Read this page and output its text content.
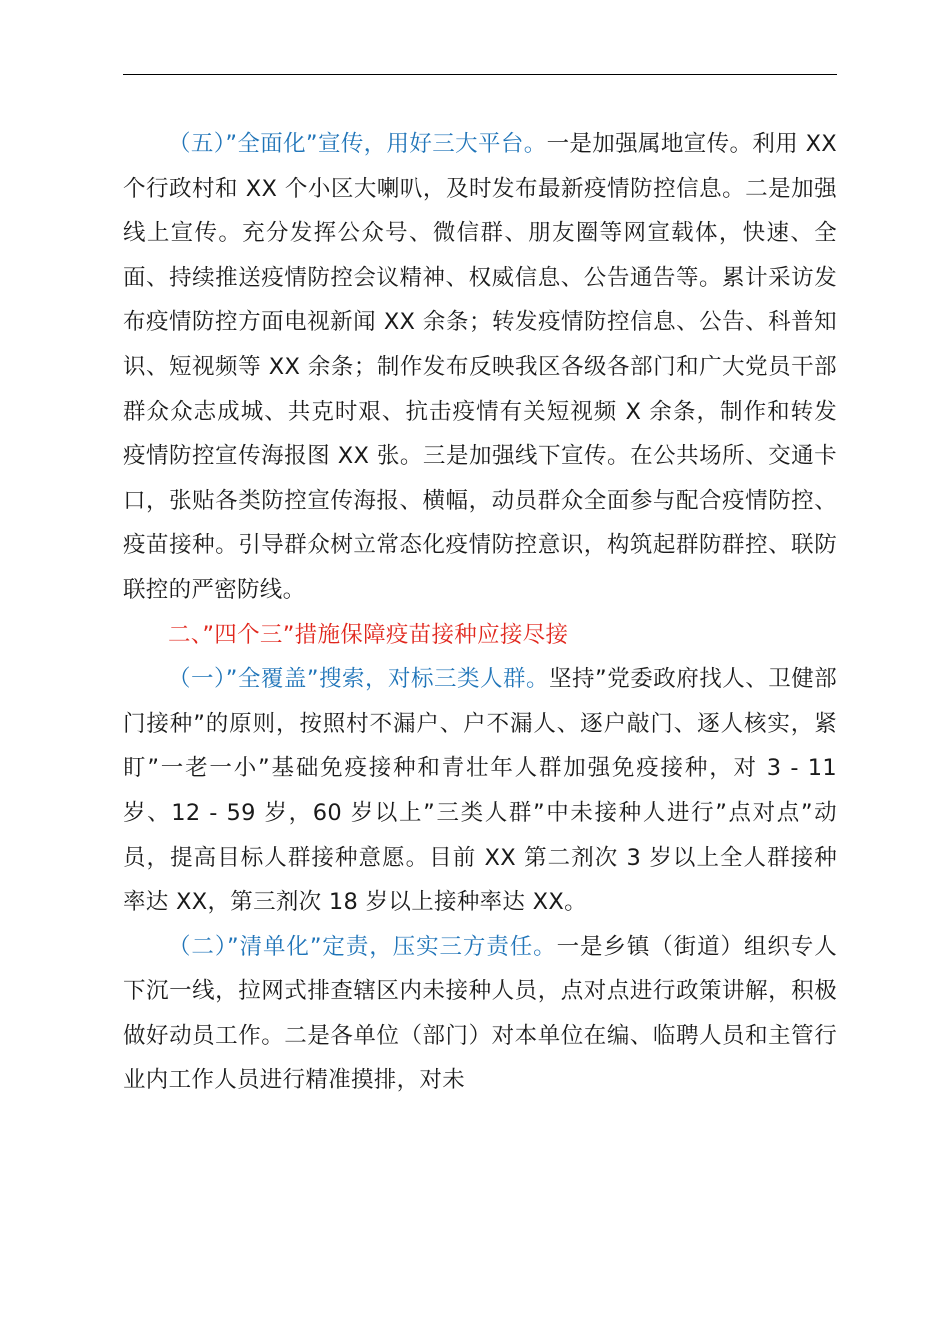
（五）”全面化”宣传，用好三大平台。一是加强属地宣传。利用 XX 个行政村和 XX 个小区大喇叭，及时发布最新疫情防控信息。二是加强线上宣传。充分发挥公众号、微信群、朋友圈等网宣载体，快速、全面、持续推送疫情防控会议精神、权威信息、公告通告等。累计采访发布疫情防控方面电视新闻 XX 余条；转发疫情防控信息、公告、科普知识、短视频等 XX 余条；制作发布反映我区各级各部门和广大党员干部群众众志成城、共克时艰、抗击疫情有关短视频 X 余条，制作和转发疫情防控宣传海报图 XX 张。三是加强线下宣传。在公共场所、交通卡口，张贴各类防控宣传海报、横幅，动员群众全面参与配合疫情防控、疫苗接种。引导群众树立常态化疫情防控意识，构筑起群防群控、联防联控的严密防线。

二、”四个三”措施保障疫苗接种应接尽接

（一）”全覆盖”搜索，对标三类人群。坚持”党委政府找人、卫健部门接种”的原则，按照村不漏户、户不漏人、逐户敲门、逐人核实，紧盯”一老一小”基础免疫接种和青壮年人群加强免疫接种，对 3 - 11 岁、12 - 59 岁，60 岁以上”三类人群”中未接种人进行”点对点”动员，提高目标人群接种意愿。目前 XX 第二剂次 3 岁以上全人群接种率达 XX，第三剂次 18 岁以上接种率达 XX。

（二）”清单化”定责，压实三方责任。一是乡镇（街道）组织专人下沉一线，拉网式排查辖区内未接种人员，点对点进行政策讲解，积极做好动员工作。二是各单位（部门）对本单位在编、临聘人员和主管行业内工作人员进行精准摸排，对未
